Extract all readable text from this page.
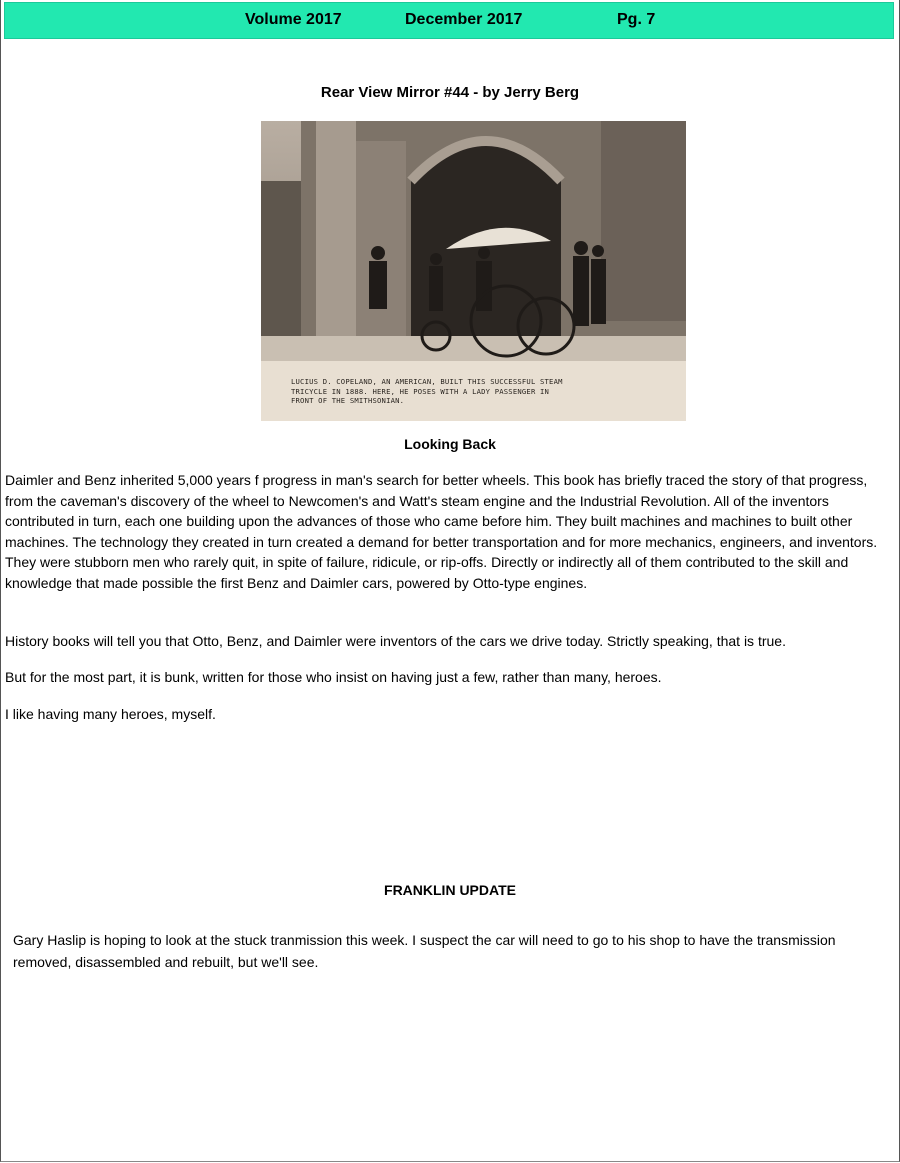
Volume 2017	December 2017	Pg. 7
Rear View Mirror #44 - by Jerry Berg
LUCIUS D. COPELAND, AN AMERICAN, BUILT THIS SUCCESSFUL STEAM
TRICYCLE IN 1888. HERE, HE POSES WITH A LADY PASSENGER IN
FRONT OF THE SMITHSONIAN.
Looking Back

Daimler and Benz inherited 5,000 years f progress in man's search for better wheels. This book has briefly traced the story of that progress, from the caveman's discovery of the wheel to Newcomen's and Watt's steam engine and the Industrial Revolution. All of the inventors contributed in turn, each one building upon the advances of those who came before him. They built machines and machines to built other machines. The technology they created in turn created a demand for better transportation and for more mechanics, engineers, and inventors. They were stubborn men who rarely quit, in spite of failure, ridicule, or rip-offs. Directly or indirectly all of them contributed to the skill and knowledge that made possible the first Benz and Daimler cars, powered by Otto-type engines.

History books will tell you that Otto, Benz, and Daimler were inventors of the cars we drive today. Strictly speaking, that is true.

But for the most part, it is bunk, written for those who insist on having just a few, rather than many, heroes.

I like having many heroes, myself.

FRANKLIN UPDATE

Gary Haslip is hoping to look at the stuck tranmission this week. I suspect the car will need to go to his shop to have the transmission removed, disassembled and rebuilt, but we'll see.
